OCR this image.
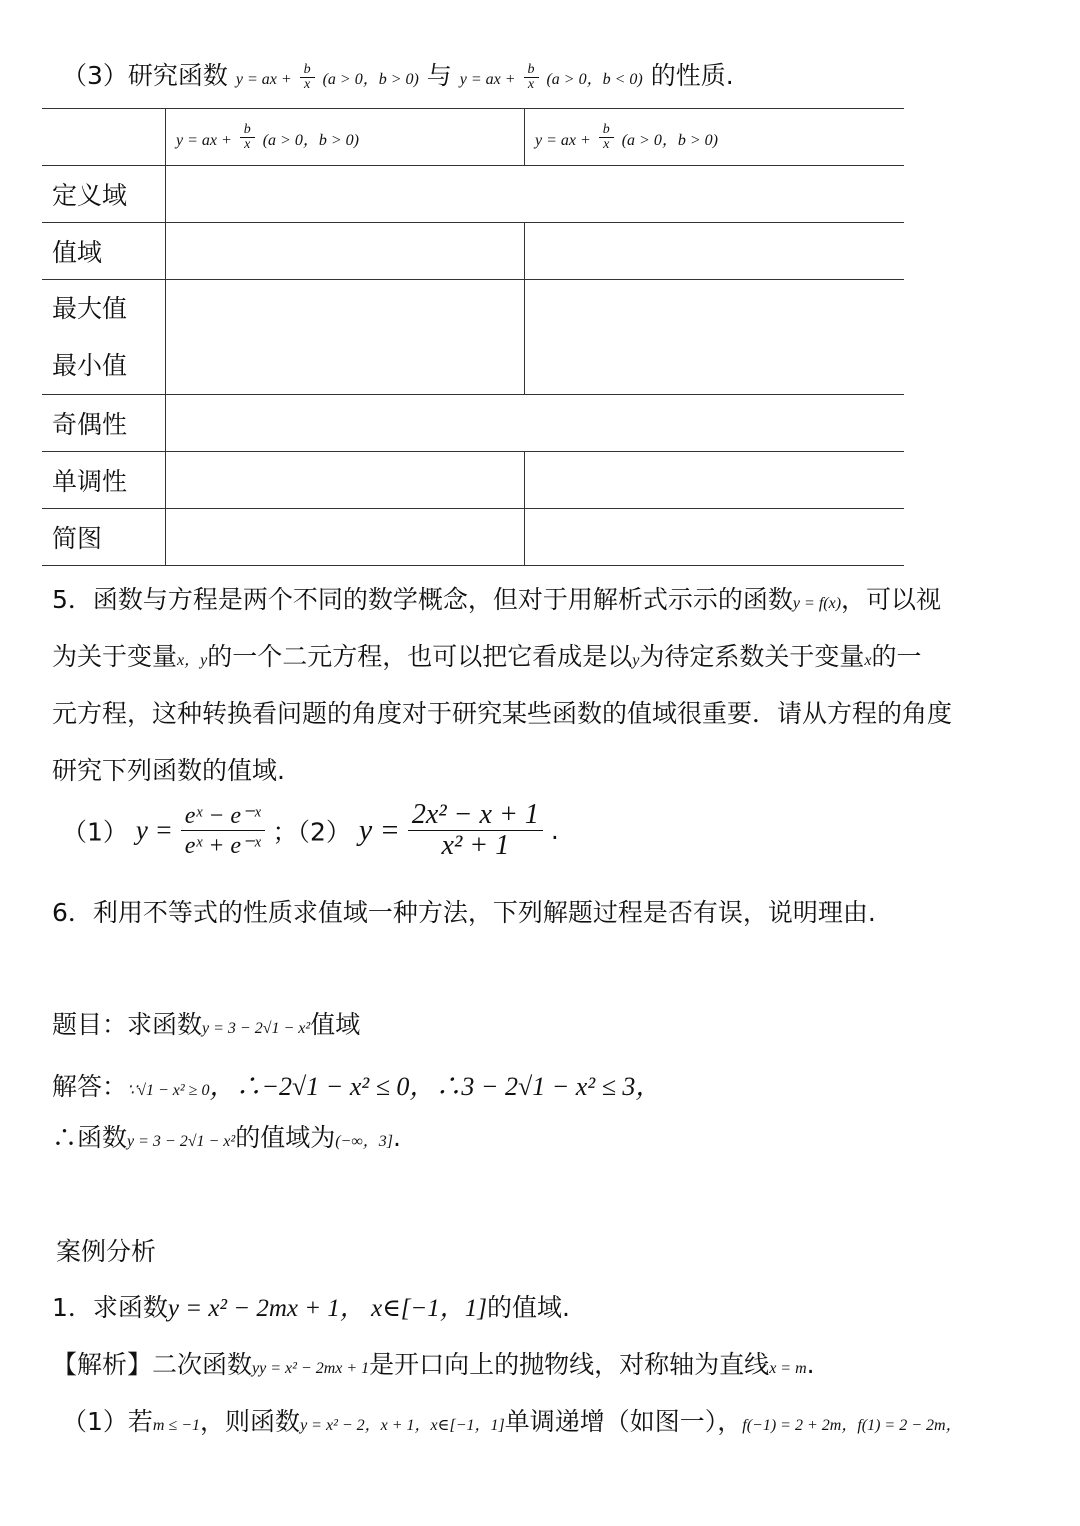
（3）研究函数 y = ax + $\frac{b}{x} (a > 0$，b > 0) 与 y = ax + $\frac{b}{x} (a > 0$，b < 0) 的性质.
	y = ax + $\frac{b}{x} (a > 0$，b > 0)	y = ax + $\frac{b}{x} (a > 0$，b > 0)
定义域		
值域		

最大值
最小值		

奇偶性		
单调性		
简图		
5．函数与方程是两个不同的数学概念，但对于用解析式示示的函数y = f(x)，可以视
为关于变量x，y的一个二元方程，也可以把它看成是以y为待定系数关于变量x的一
元方程，这种转换看问题的角度对于研究某些函数的值域很重要．请从方程的角度
研究下列函数的值域.
（1） $y = \frac{\text{eˣ − e⁻ˣ}}{\text{eˣ + e⁻ˣ}}$ ；（2） $y = \frac{\text{2x² − x + 1}}{\text{x² + 1}}$ .
6．利用不等式的性质求值域一种方法，下列解题过程是否有误，说明理由.
题目：求函数y = 3 − 2√1 − x²值域
解答：∵√1 − x² ≥ 0，∴−2√1 − x² ≤ 0，∴3 − 2√1 − x² ≤ 3，
∴函数y = 3 − 2√1 − x²的值域为(−∞，3].
案例分析
1．求函数y = x² − 2mx + 1， x∈[−1，1]的值域.
【解析】二次函数yy = x² − 2mx + 1是开口向上的抛物线，对称轴为直线x = m.
（1）若m ≤ −1，则函数y = x² − 2，x + 1，x∈[−1，1]单调递增（如图一），f(−1) = 2 + 2m，f(1) = 2 − 2m，
